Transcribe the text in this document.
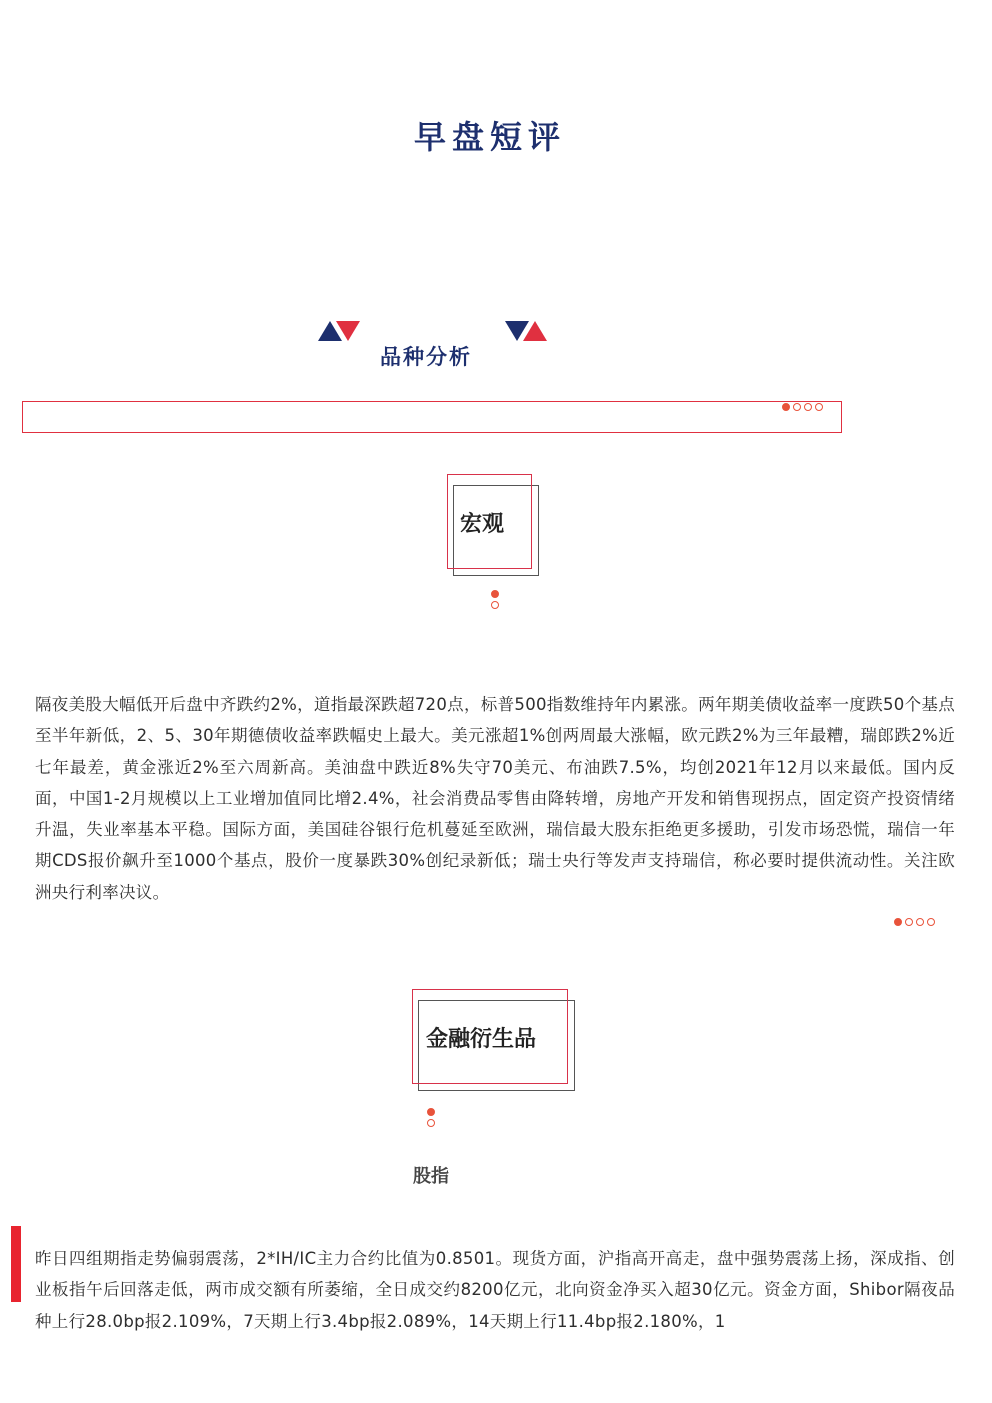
早盘短评
品种分析
宏观
隔夜美股大幅低开后盘中齐跌约2%，道指最深跌超720点，标普500指数维持年内累涨。两年期美债收益率一度跌50个基点至半年新低，2、5、30年期德债收益率跌幅史上最大。美元涨超1%创两周最大涨幅，欧元跌2%为三年最糟，瑞郎跌2%近七年最差，黄金涨近2%至六周新高。美油盘中跌近8%失守70美元、布油跌7.5%，均创2021年12月以来最低。国内反面，中国1-2月规模以上工业增加值同比增2.4%，社会消费品零售由降转增，房地产开发和销售现拐点，固定资产投资情绪升温，失业率基本平稳。国际方面，美国硅谷银行危机蔓延至欧洲，瑞信最大股东拒绝更多援助，引发市场恐慌，瑞信一年期CDS报价飙升至1000个基点，股价一度暴跌30%创纪录新低；瑞士央行等发声支持瑞信，称必要时提供流动性。关注欧洲央行利率决议。
金融衍生品
股指
昨日四组期指走势偏弱震荡，2*IH/IC主力合约比值为0.8501。现货方面，沪指高开高走，盘中强势震荡上扬，深成指、创业板指午后回落走低，两市成交额有所萎缩，全日成交约8200亿元，北向资金净买入超30亿元。资金方面，Shibor隔夜品种上行28.0bp报2.109%，7天期上行3.4bp报2.089%，14天期上行11.4bp报2.180%，1
